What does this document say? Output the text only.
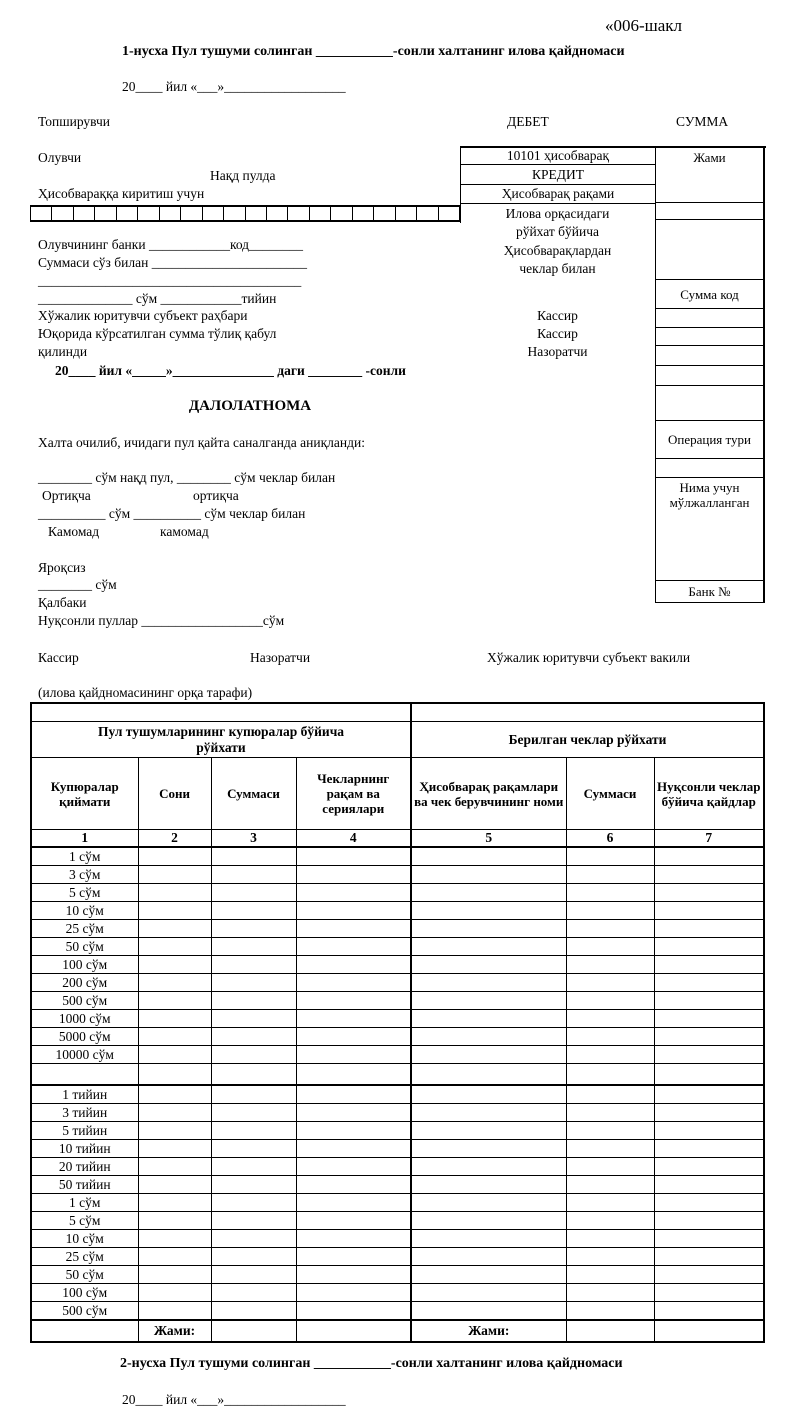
«006-шакл
1-нусха Пул тушуми солинган ___________-сонли халтанинг илова қайдномаси
20____ йил «___»__________________
Топширувчи	ДЕБЕТ	СУММА
Олувчи
Нақд пулда
Ҳисобвараққа киритиш учун
Олувчининг банки ____________код________
Суммаси сўз билан _______________________
_______________________________________
______________ сўм ____________тийин
Хўжалик юритувчи субъект раҳбари
Юқорида кўрсатилган сумма тўлиқ қабул
қилинди
20____ йил «_____»_______________ даги ________ -сонли
10101 ҳисобварақ
КРЕДИТ
Ҳисобварақ рақами
Илова орқасидаги
рўйхат бўйича
Ҳисобварақлардан
чеклар билан
Кассир
Кассир
Назоратчи
Жами
Сумма код
Операция тури
Нима учун мўлжалланган
Банк №
ДАЛОЛАТНОМА
Халта очилиб, ичидаги пул қайта саналганда аниқланди:
________ сўм нақд пул, ________ сўм чеклар билан
Ортиқча	ортиқча
__________ сўм __________ сўм чеклар билан
Камомад	камомад
Яроқсиз
________ сўм
Қалбаки
Нуқсонли пуллар __________________сўм
Кассир	Назоратчи	Хўжалик юритувчи субъект вакили
(илова қайдномасининг орқа тарафи)

Пул тушумларининг купюралар бўйича рўйхати				Берилган чеклар рўйхати		
Купюралар қиймати	Сони	Суммаси	Чекларнинг рақам ва сериялари	Ҳисобварақ рақамлари ва чек берувчининг номи	Суммаси	Нуқсонли чеклар бўйича қайдлар
1	2	3	4	5	6	7
1 сўм						
3 сўм						
5 сўм						
10 сўм						
25 сўм						
50 сўм						
100 сўм						
200 сўм						
500 сўм						
1000 сўм						
5000 сўм						
10000 сўм						

1 тийин						
3 тийин						
5 тийин						
10 тийин						
20 тийин						
50 тийин						
1 сўм						
5 сўм						
10 сўм						
25 сўм						
50 сўм						
100 сўм						
500 сўм						
	Жами:			Жами:		
2-нусха Пул тушуми солинган ___________-сонли халтанинг илова қайдномаси
20____ йил «___»__________________
